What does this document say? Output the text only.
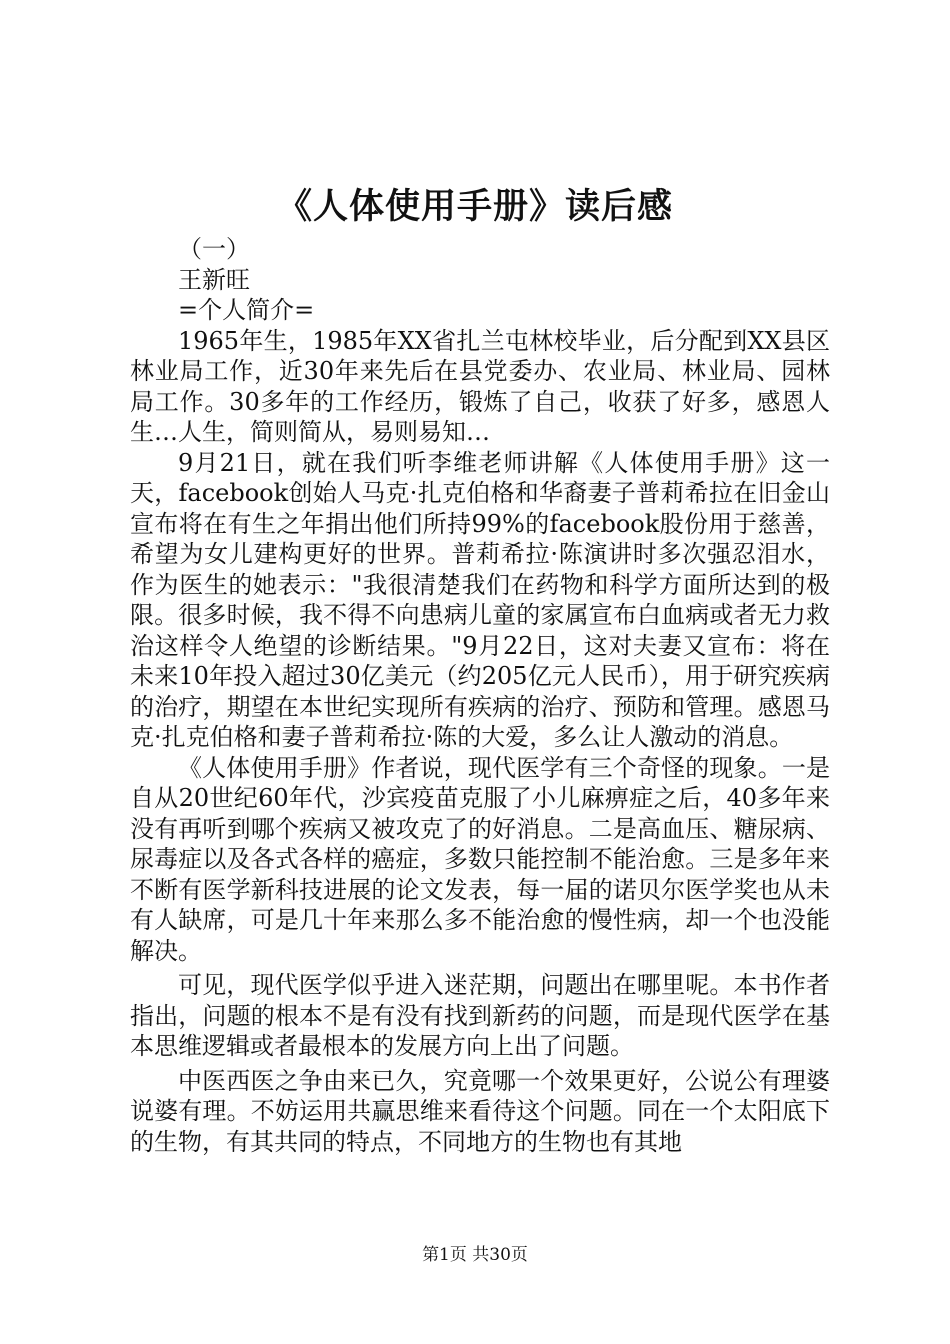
《人体使用手册》读后感

（一）

王新旺

=个人简介=

1965年生，1985年XX省扎兰屯林校毕业，后分配到XX县区林业局工作，近30年来先后在县党委办、农业局、林业局、园林局工作。30多年的工作经历，锻炼了自己，收获了好多，感恩人生…人生，简则简从，易则易知…

9月21日，就在我们听李维老师讲解《人体使用手册》这一天，facebook创始人马克·扎克伯格和华裔妻子普莉希拉在旧金山宣布将在有生之年捐出他们所持99%的facebook股份用于慈善，希望为女儿建构更好的世界。普莉希拉·陈演讲时多次强忍泪水，作为医生的她表示："我很清楚我们在药物和科学方面所达到的极限。很多时候，我不得不向患病儿童的家属宣布白血病或者无力救治这样令人绝望的诊断结果。"9月22日，这对夫妻又宣布：将在未来10年投入超过30亿美元（约205亿元人民币），用于研究疾病的治疗，期望在本世纪实现所有疾病的治疗、预防和管理。感恩马克·扎克伯格和妻子普莉希拉·陈的大爱，多么让人激动的消息。

《人体使用手册》作者说，现代医学有三个奇怪的现象。一是自从20世纪60年代，沙宾疫苗克服了小儿麻痹症之后，40多年来没有再听到哪个疾病又被攻克了的好消息。二是高血压、糖尿病、尿毒症以及各式各样的癌症，多数只能控制不能治愈。三是多年来不断有医学新科技进展的论文发表，每一届的诺贝尔医学奖也从未有人缺席，可是几十年来那么多不能治愈的慢性病，却一个也没能解决。

可见，现代医学似乎进入迷茫期，问题出在哪里呢。本书作者指出，问题的根本不是有没有找到新药的问题，而是现代医学在基本思维逻辑或者最根本的发展方向上出了问题。

中医西医之争由来已久，究竟哪一个效果更好，公说公有理婆说婆有理。不妨运用共赢思维来看待这个问题。同在一个太阳底下的生物，有其共同的特点，不同地方的生物也有其地

第1页 共30页
